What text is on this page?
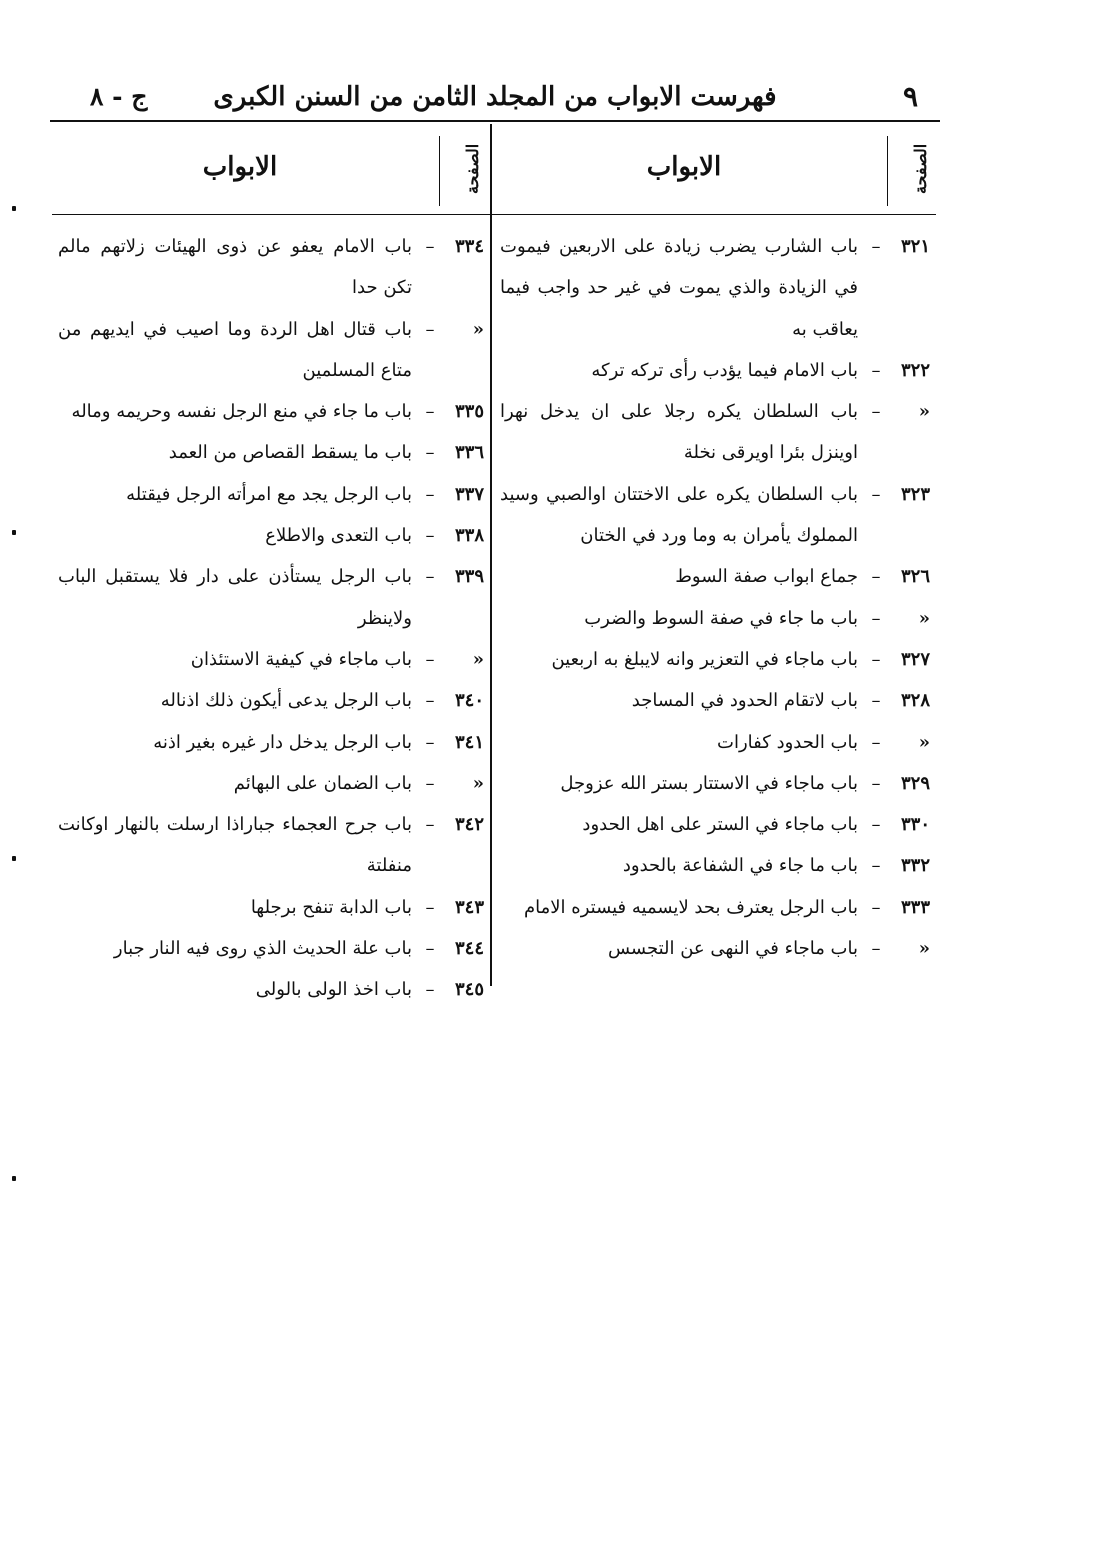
٩
فهرست الابواب من المجلد الثامن من السنن الكبرى
ج - ٨
الصفحة
الابواب
الصفحة
الابواب
٣٢١
–
باب الشارب يضرب زيادة على الاربعين فيموت في الزيادة والذي يموت في غير حد واجب فيما يعاقب به
٣٢٢
–
باب الامام فيما يؤدب رأى تركه تركه
«
–
باب السلطان يكره رجلا على ان يدخل نهرا اوينزل بئرا اويرقى نخلة
٣٢٣
–
باب السلطان يكره على الاختتان اوالصبي وسيد المملوك يأمران به وما ورد في الختان
٣٢٦
–
جماع ابواب صفة السوط
«
–
باب ما جاء في صفة السوط والضرب
٣٢٧
–
باب ماجاء في التعزير وانه لايبلغ به اربعين
٣٢٨
–
باب لاتقام الحدود في المساجد
«
–
باب الحدود كفارات
٣٢٩
–
باب ماجاء في الاستتار بستر الله عزوجل
٣٣٠
–
باب ماجاء في الستر على اهل الحدود
٣٣٢
–
باب ما جاء في الشفاعة بالحدود
٣٣٣
–
باب الرجل يعترف بحد لايسميه فيستره الامام
«
–
باب ماجاء في النهى عن التجسس
٣٣٤
–
باب الامام يعفو عن ذوى الهيئات زلاتهم مالم تكن حدا
«
–
باب قتال اهل الردة وما اصيب في ايديهم من متاع المسلمين
٣٣٥
–
باب ما جاء في منع الرجل نفسه وحريمه وماله
٣٣٦
–
باب ما يسقط القصاص من العمد
٣٣٧
–
باب الرجل يجد مع امرأته الرجل فيقتله
٣٣٨
–
باب التعدى والاطلاع
٣٣٩
–
باب الرجل يستأذن على دار فلا يستقبل الباب ولاينظر
«
–
باب ماجاء في كيفية الاستئذان
٣٤٠
–
باب الرجل يدعى أيكون ذلك اذناله
٣٤١
–
باب الرجل يدخل دار غيره بغير اذنه
«
–
باب الضمان على البهائم
٣٤٢
–
باب جرح العجماء جباراذا ارسلت بالنهار اوكانت منفلتة
٣٤٣
–
باب الدابة تنفح برجلها
٣٤٤
–
باب علة الحديث الذي روى فيه النار جبار
٣٤٥
–
باب اخذ الولى بالولى
